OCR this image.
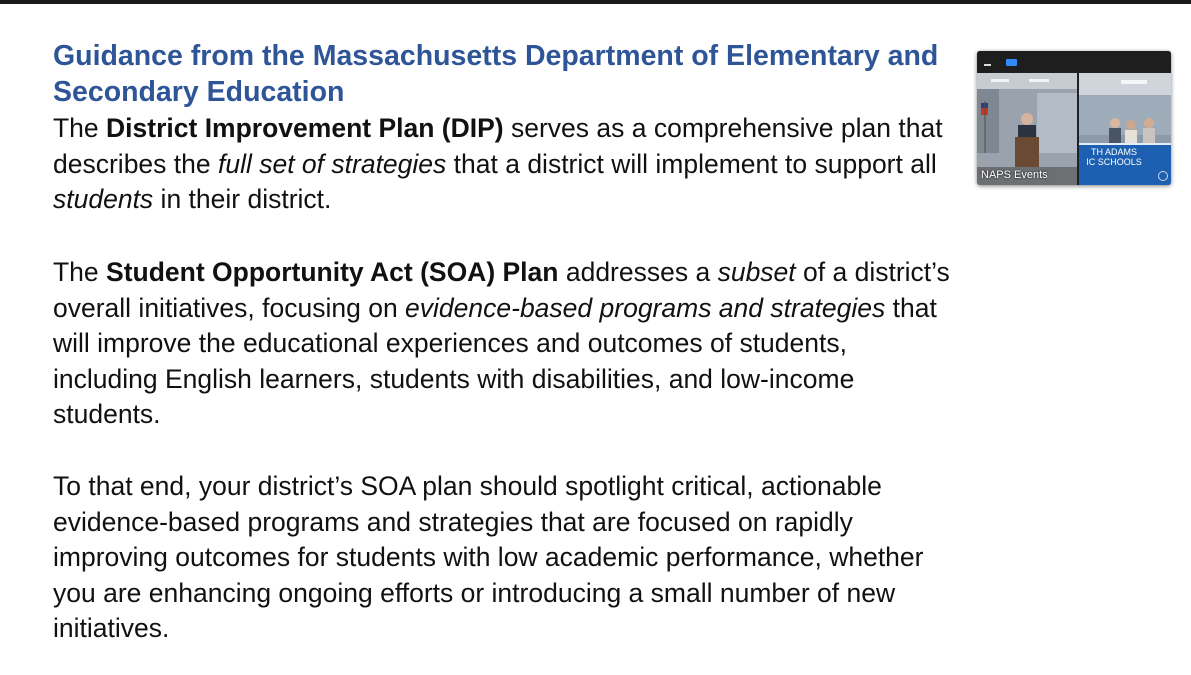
Guidance from the Massachusetts Department of Elementary and Secondary Education

The District Improvement Plan (DIP) serves as a comprehensive plan that
describes the full set of strategies that a district will implement to support all
students in their district.

The Student Opportunity Act (SOA) Plan addresses a subset of a district’s
overall initiatives, focusing on evidence-based programs and strategies that
will improve the educational experiences and outcomes of students,
including English learners, students with disabilities, and low-income
students.

To that end, your district’s SOA plan should spotlight critical, actionable
evidence-based programs and strategies that are focused on rapidly
improving outcomes for students with low academic performance, whether
you are enhancing ongoing efforts or introducing a small number of new
initiatives.

NAPS Events
TH ADAMS
IC SCHOOLS
